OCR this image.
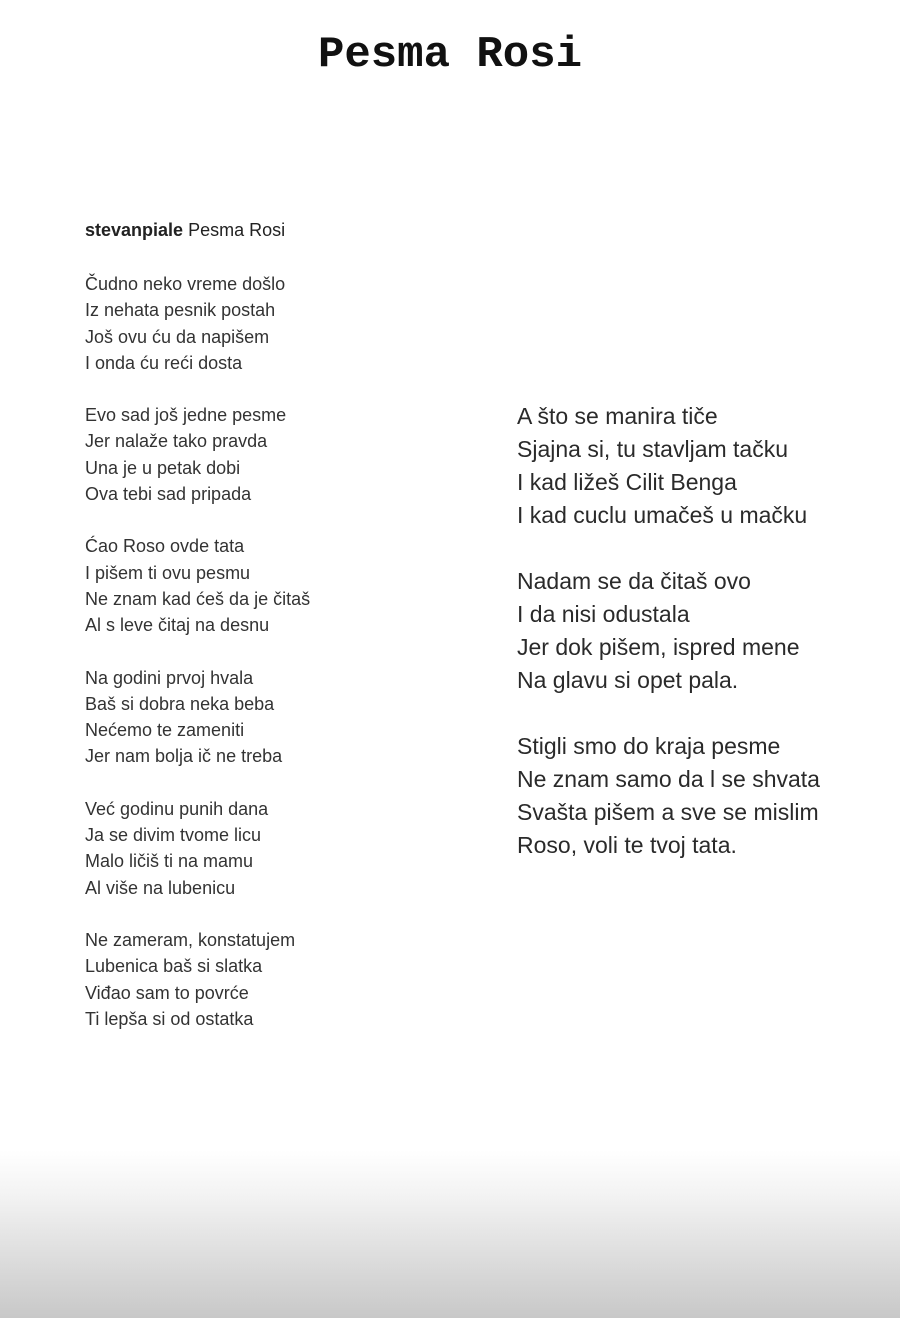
Pesma Rosi
stevanpiale Pesma Rosi
Čudno neko vreme došlo
Iz nehata pesnik postah
Još ovu ću da napišem
I onda ću reći dosta
Evo sad još jedne pesme
Jer nalaže tako pravda
Una je u petak dobi
Ova tebi sad pripada
Ćao Roso ovde tata
I pišem ti ovu pesmu
Ne znam kad ćeš da je čitaš
Al s leve čitaj na desnu
Na godini prvoj hvala
Baš si dobra neka beba
Nećemo te zameniti
Jer nam bolja ič ne treba
Već godinu punih dana
Ja se divim tvome licu
Malo ličiš ti na mamu
Al više na lubenicu
Ne zameram, konstatujem
Lubenica baš si slatka
Viđao sam to povrće
Ti lepša si od ostatka
A što se manira tiče
Sjajna si, tu stavljam tačku
I kad ližeš Cilit Benga
I kad cuclu umačeš u mačku
Nadam se da čitaš ovo
I da nisi odustala
Jer dok pišem, ispred mene
Na glavu si opet pala.
Stigli smo do kraja pesme
Ne znam samo da l se shvata
Svašta pišem a sve se mislim
Roso, voli te tvoj tata.
